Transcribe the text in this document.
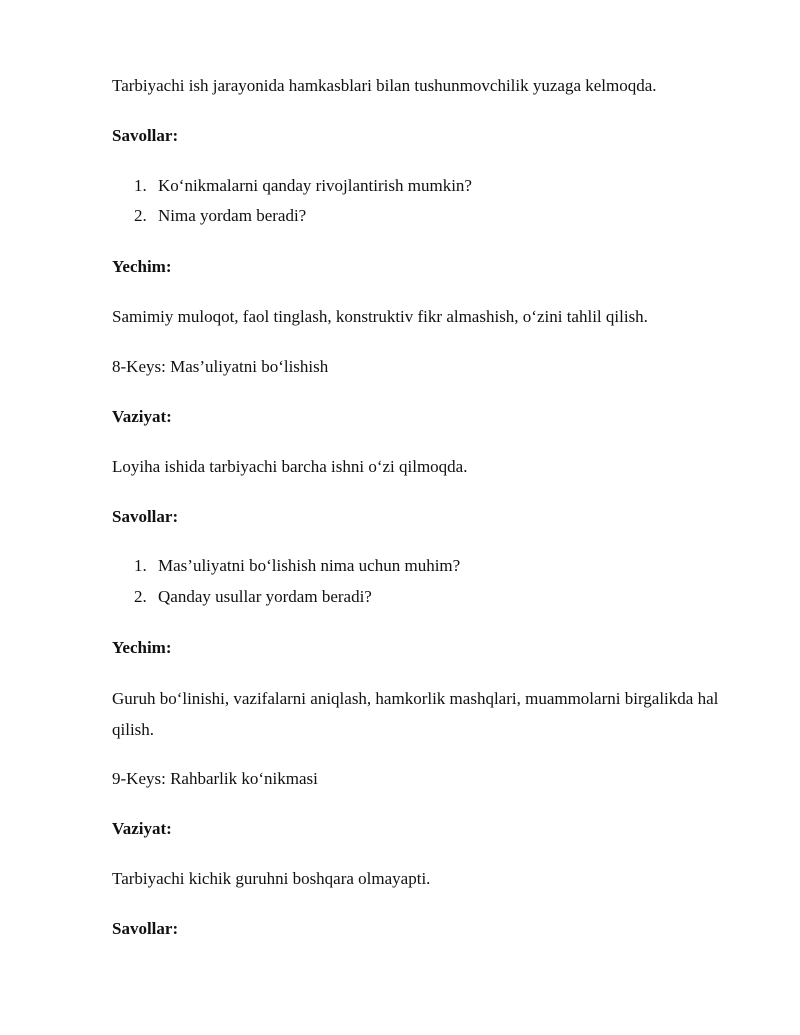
Tarbiyachi ish jarayonida hamkasblari bilan tushunmovchilik yuzaga kelmoqda.
Savollar:
1. Ko‘nikmalarni qanday rivojlantirish mumkin?
2. Nima yordam beradi?
Yechim:
Samimiy muloqot, faol tinglash, konstruktiv fikr almashish, o‘zini tahlil qilish.
8-Keys: Mas’uliyatni bo‘lishish
Vaziyat:
Loyiha ishida tarbiyachi barcha ishni o‘zi qilmoqda.
Savollar:
1. Mas’uliyatni bo‘lishish nima uchun muhim?
2. Qanday usullar yordam beradi?
Yechim:
Guruh bo‘linishi, vazifalarni aniqlash, hamkorlik mashqlari, muammolarni birgalikda hal qilish.
9-Keys: Rahbarlik ko‘nikmasi
Vaziyat:
Tarbiyachi kichik guruhni boshqara olmayapti.
Savollar:
